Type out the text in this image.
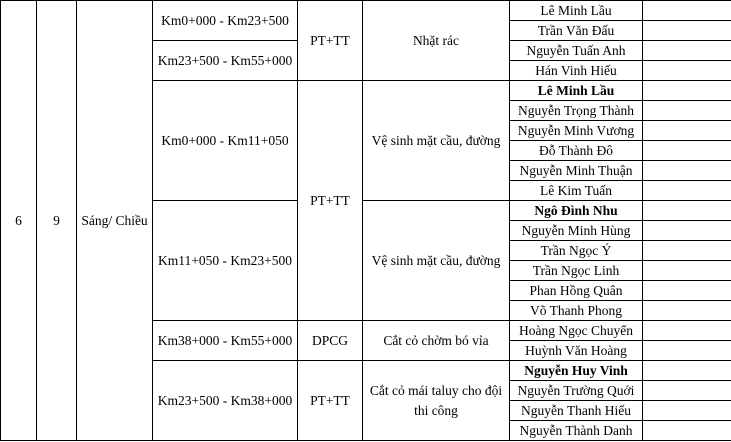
6	9	Sáng/ Chiều	Km0+000 - Km23+500	PT+TT	Nhặt rác	Lê Minh Lầu	
						Trần Văn Đấu	
			Km23+500 - Km55+000			Nguyễn Tuấn Anh	
						Hán Vinh Hiếu	
			Km0+000 - Km11+050	PT+TT	Vệ sinh mặt cầu, đường	Lê Minh Lầu	
						Nguyễn Trọng Thành	
						Nguyễn Minh Vương	
						Đỗ Thành Đô	
						Nguyễn Minh Thuận	
						Lê Kim Tuấn	
			Km11+050 - Km23+500		Vệ sinh mặt cầu, đường	Ngô Đình Nhu	
						Nguyễn Minh Hùng	
						Trần Ngọc Ý	
						Trần Ngọc Linh	
						Phan Hồng Quân	
						Võ Thanh Phong	
			Km38+000 - Km55+000	DPCG	Cắt cỏ chờm bó vỉa	Hoàng Ngọc Chuyển	
						Huỳnh Văn Hoàng	
			Km23+500 - Km38+000	PT+TT	Cắt cỏ mái taluy cho đội thi công	Nguyễn Huy Vinh	
						Nguyễn Trường Quới	
						Nguyễn Thanh Hiếu	
						Nguyễn Thành Danh	
